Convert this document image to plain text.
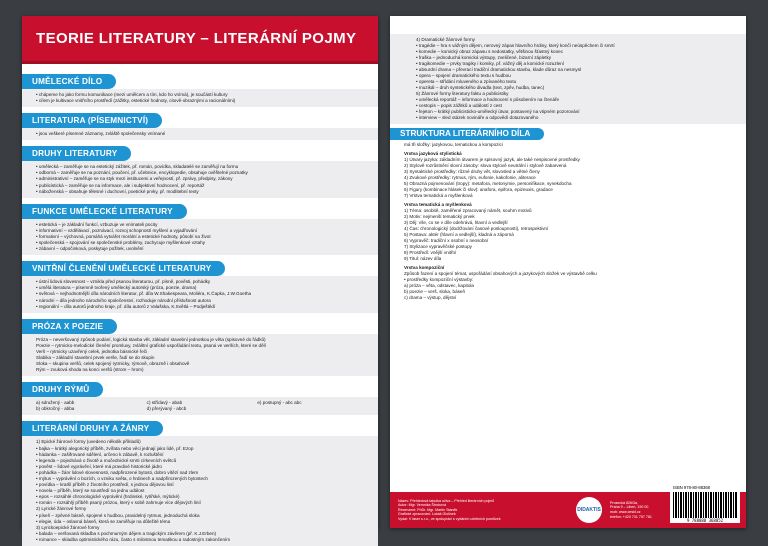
TEORIE LITERATURY – LITERÁRNÍ POJMY
UMĚLECKÉ DÍLO
• chápeme ho jako formu komunikace (mezi umělcem a tím, kdo ho vnímá), je součástí kultury
• cílem je kultivace vnitřního prostředí (zážitky, estetické hodnoty, citově-obraznými a racionálními)
LITERATURA (PÍSEMNICTVÍ)
• jsou veškeré písemné záznamy, zvláště společensky vnímané
DRUHY LITERATURY
• umělecká – zaměřuje se na estetický zážitek, př. román, povídka, skladatelé se zaměřují na formu
• odborná – zaměřuje se na poznání, poučení, př. učebnice, encyklopedie, obsahuje ověřitelné poznatky
• administrativní – zaměřuje se na styk mezi institucemi a veřejností, př. zprávy, předpisy, zákony
• publicistická – zaměřuje se na informace, ale i subjektivní hodnocení, př. reportáž
• náboženská – obsahuje tělesné i duchovní, poetické prvky, př. modlitební texty
FUNKCE UMĚLECKÉ LITERATURY
• estetická – je základní funkcí, vzbuzuje ve vnímateli pocity
• informativní – vzdělávací, poznávací, rozvoj schopností myšlení a vyjadřování
• formativní – výchovná, pomáhá vytvářet morální a estetické hodnoty, působí na život
• společenská – spojování se společenské problémy, zachycuje myšlenkové vztahy
• zábavní – odpočinková, poskytuje požitek, uvolnění
VNITŘNÍ ČLENĚNÍ UMĚLECKÉ LITERATURY
• ústní lidová slovesnost – vznikla před psanou literaturou, př. písně, pověsti, pohádky
• umělá literatura – písemně tvořený umělecký autorský (próza, poezie, drama)
• světová – nejhodnotnější díla národních literatur, př. díla W.Shakespeara, Moliéra, K.Čapka, J.W.Goetha
• národní – díla jednoho národního společenství, rozhoduje národní příslušnost autora
• regionální – díla autorů jednoho kraje, př. díla autorů z Valašska, K.Světlá – Podještědí
PRÓZA X POEZIE
Próza – neveršovaný způsob podání, logická stavba vět, základní stavební jednotkou je věta (spisovné do řádků)
Poezie – rytmicko-melodické členění promluvy, zvláštní grafické uspořádání textu, psaná ve verších, které se dělí
Verš – rytmicky uzavřený celek, jednotka básnické řeči
Slabika – základní stavební prvek verše, řadí se do skupin
Sloka – skupina veršů, celek spojený rytmicky, rýmově, obrazně i obsahově
Rým – zvuková shoda na konci veršů (strom – hrom)
DRUHY RÝMŮ
a) sdružený - aabb
b) obkročný - abba
c) střídavý - abab
d) přerývaný - abcb
e) postupný - abc abc
LITERÁRNÍ DRUHY A ŽÁNRY
1) Epické žánrové formy (uvedeno několik příkladů)
• bajka – krátký alegorický příběh, zvířata nebo věci jednají jako lidé, př. Ezop
• hádanka – zašifrované sdělení, určeno k zábavě, k rozluštění
• legenda – pojednává o životě a mučednické smrti církevních světců
• pověst – lidové vyprávění, které má pravdivé historické jádro
• pohádka – žánr lidové slovesnosti, nadpřirozené bytosti, dobro vítězí nad zlem
• mýtus – vyprávění o bozích, o vzniku světa, o hrdinech a nadpřirozených bytostech
• povídka – kratší příběh z životního prostředí, s jednou dějovou linií
• novela – příběh, který se soustředí na jednu událost
• epos – rozsáhlé chronologické vyprávění (hrdinské, rytířské, mýtické)
• román – rozsáhlý příběh psaný prózou, který v sobě zahrnuje více dějových linií
2) Lyrické žánrové formy
• píseň – zpěvné básně, spojené s hudbou, pravidelný rytmus, jednoduchá sloka
• elegie, óda – oslavná báseň, která se zaměřuje na důležité téma
3) Lyrickoepické žánrové formy
• balada – veršovaná skladba s pochmurným dějem a tragickým závěrem (př. K.J.Erben)
• romance – skladba optimistického rázu, často s milostnou tematikou a radostným zakončením
4) Dramatické žánrové formy
• tragédie – hra s vážným dějem, nerovný zápas hlavního hrdiny, který končí neúspěchem či smrtí
• komedie – komický obraz zápasu s nedostatky, většinou šťastný konec
• fraška – jednoduchá komická výstupy, zveličené, bizarní zápletky
• tragikomedie – prvky tragiky i komiky, př. vážný děj a komické rozuzlení
• absurdní drama – převrací tradiční dramatickou stavbu, klade důraz na nesmysl
• opera – spojení dramatického textu s hudbou
• opereta – střídání mluveného a zpívaného textu
• muzikál – druh syntetického divadla (text, zpěv, hudba, tanec)
5) Žánrové formy literatury faktu a publicistiky
• umělecká reportáž – informace a hodnocení s působením na čtenáře
• cestopis – popis zážitků a událostí z cest
• fejeton – krátký publicisticko-umělecký útvar, postavený na vtipném pozorování
• interview – sled otázek novináře a odpovědí dotazovaného
STRUKTURA LITERÁRNÍHO DÍLA
má tři složky: jazykovou, tematickou a kompozici
Vrstva jazyková stylistická
1) Útvary jazyka: základním útvarem je spisovný jazyk, ale také nespisovné prostředky
2) Stylově rozrůstnění slovní zásoby: slova stylově neutrální i stylově zabarvená
3) Syntaktické prostředky: různé druhy vět, slovosled a větné členy
4) Zvukové prostředky: rytmus, rým, eufonie, kakofonie, aliterace
5) Obrazná pojmenování (tropy): metafora, metonymie, personifikace, synekdocha
6) Figury (kombinace hlásek či slov): anafora, epifora, epizeuxis, gradace
7) Vrstva tematická a myšlenková
Vrstva tematická a myšlenková
1) Téma: osobitě, zaměřené zpracovaný námět, souhrn motivů
2) Motiv: nejmenší tematický prvek
3) Děj: vše, co se v díle odehrává, hlavní a vedlejší
4) Čas: chronologický (dodržování časové posloupnosti), retrospektivní
5) Postava: aktér (hlavní a vedlejší), kladná a záporná
6) Vypravěč: tradiční x osobní x neosobní
7) Stylizace vypravěčské postupy
8) Prostředí: vnější vnitřní
9) Titul: název díla
Vrstva kompoziční
Způsob řazení a spojení témat, uspořádání obsahových a jazykových složek ve výstavbě celku
• prostředky kompoziční výstavby:
a) próza – věta, odstavec, kapitola
b) poezie – verš, sloka, báseň
c) drama – výstup, dějství
Název: Přehledová tabulka učiva – Přehled literárních pojmů
Autor: Mgr. Veronika Štrobová
Recenzent: PhDr. Mgr. Martin Staněk
Grafické zpracování: Lukáš Glolínek
Vydal: V laser s.r.o., ve spolupráci s vydáním učebních pomůcek
DIDAKTIS
Prosecká 826/3a,
Praha 9 – Libeň, 190 00
mob: www.ceskt.cz
telefon: +420 731 757 781
ISBN 978-80-88368
9 788088 368052
